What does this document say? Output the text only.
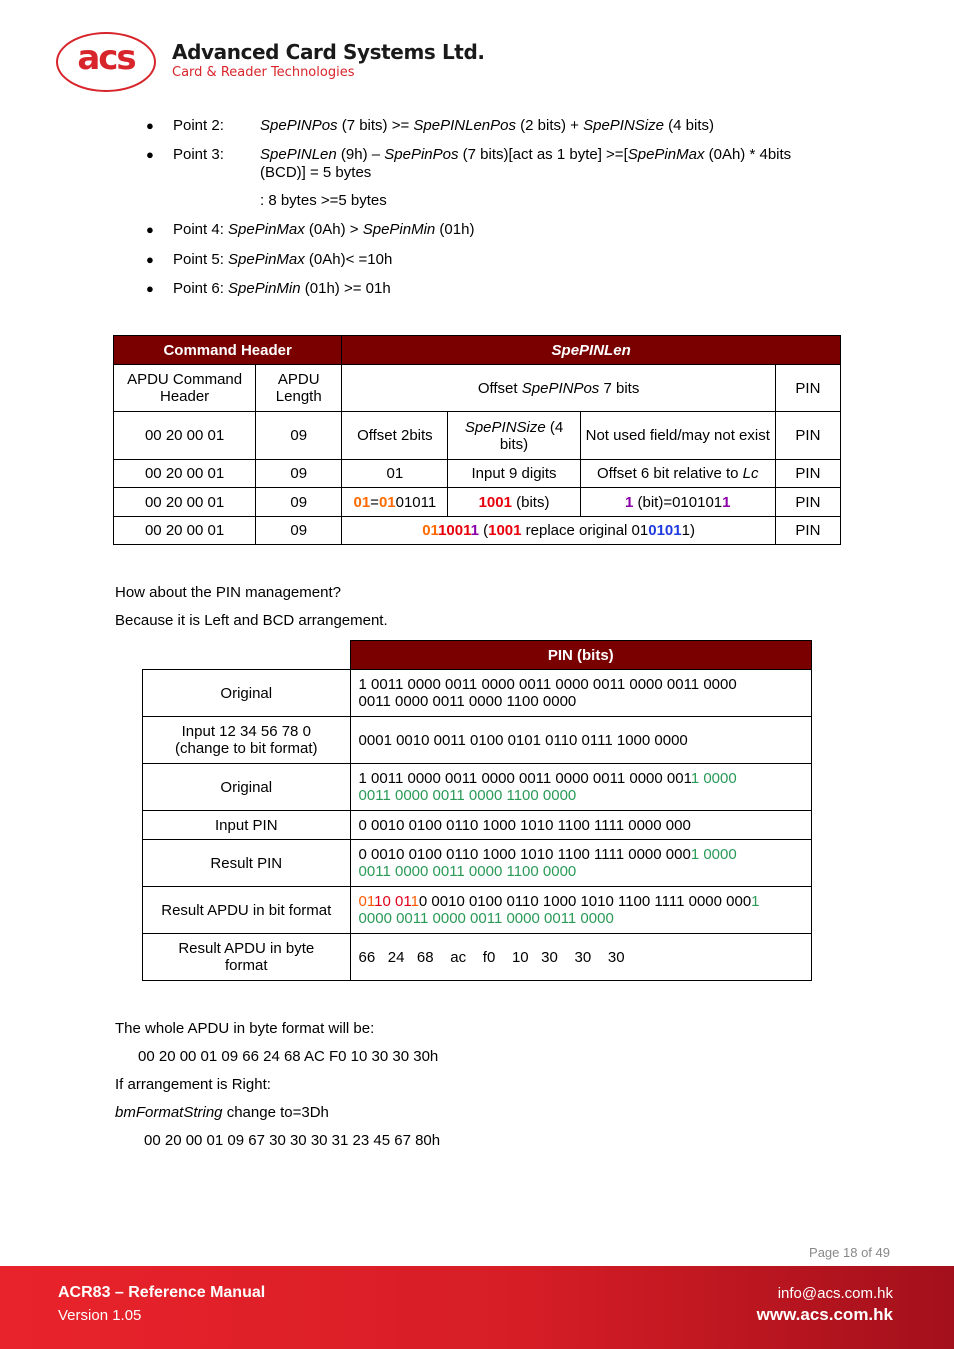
acs	Advanced Card Systems Ltd.
Card & Reader Technologies
● Point 2: SpePINPos (7 bits) >= SpePINLenPos (2 bits) + SpePINSize (4 bits)
● Point 3: SpePINLen (9h) – SpePinPos (7 bits)[act as 1 byte] >=[SpePinMax (0Ah) * 4bits
(BCD)] = 5 bytes
: 8 bytes >=5 bytes
● Point 4: SpePinMax (0Ah) > SpePinMin (01h)
● Point 5: SpePinMax (0Ah)< =10h
● Point 6: SpePinMin (01h) >= 01h
Command Header		SpePINLen			
APDU Command Header	APDU Length	Offset SpePINPos 7 bits			PIN
00 20 00 01	09	Offset 2bits	SpePINSize (4 bits)	Not used field/may not exist	PIN
00 20 00 01	09	01	Input 9 digits	Offset 6 bit relative to Lc	PIN
00 20 00 01	09	01=0101011	1001 (bits)	1 (bit)=0101011	PIN
00 20 00 01	09	0110011 (1001 replace original 0101011)			PIN
How about the PIN management?
Because it is Left and BCD arrangement.
	PIN (bits)
Original	1 0011 0000 0011 0000 0011 0000 0011 0000 0011 0000
0011 0000 0011 0000 1100 0000

Input 12 34 56 78 0
(change to bit format)	0001 0010 0011 0100 0101 0110 0111 1000 0000
Original	1 0011 0000 0011 0000 0011 0000 0011 0000 0011 0000
0011 0000 0011 0000 1100 0000

Input PIN	0 0010 0100 0110 1000 1010 1100 1111 0000 000
Result PIN	0 0010 0100 0110 1000 1010 1100 1111 0000 0001 0000
0011 0000 0011 0000 1100 0000

Result APDU in bit format	0110 0110 0010 0100 0110 1000 1010 1100 1111 0000 0001
0000 0011 0000 0011 0000 0011 0000

Result APDU in byte
format	66   24   68    ac    f0    10   30    30    30
The whole APDU in byte format will be:
00 20 00 01 09 66 24 68 AC F0 10 30 30 30h
If arrangement is Right:
bmFormatString change to=3Dh
00 20 00 01 09 67 30 30 30 31 23 45 67 80h
Page 18 of 49
ACR83 – Reference Manual
Version 1.05
info@acs.com.hk
www.acs.com.hk
